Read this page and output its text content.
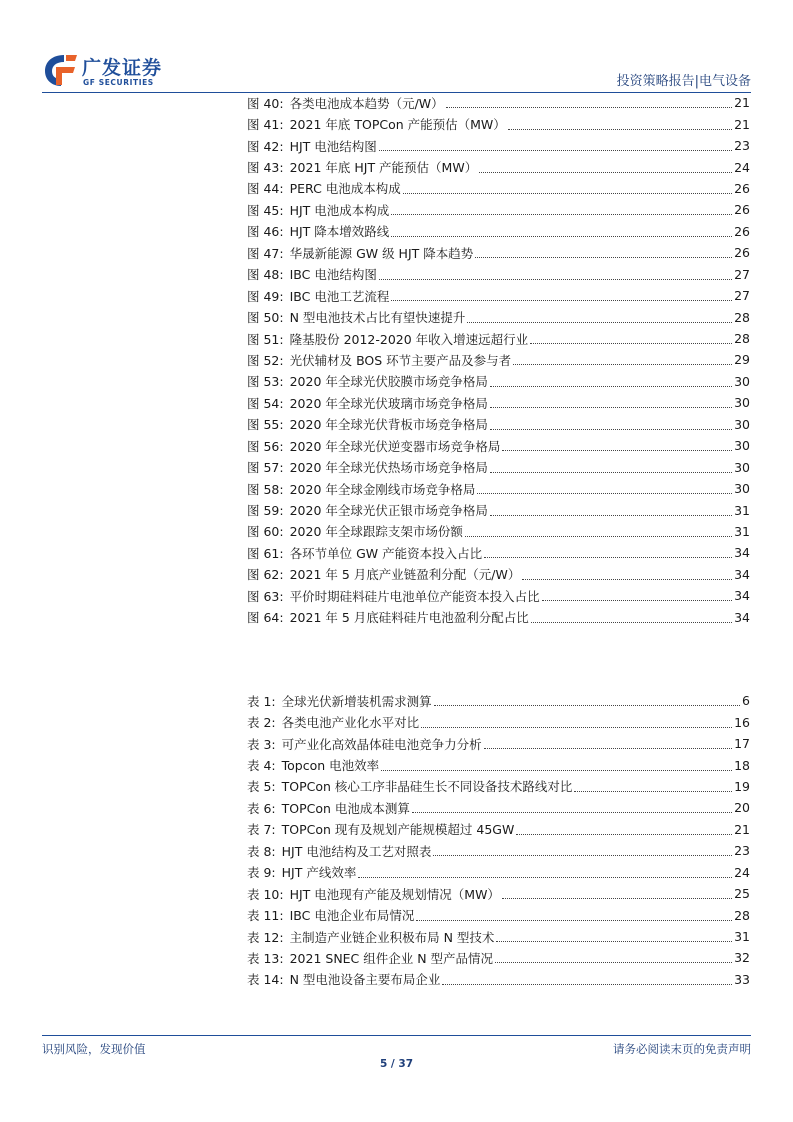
广发证券
GF SECURITIES	投资策略报告|电气设备
图 40: 各类电池成本趋势（元/W）	21
图 41: 2021 年底 TOPCon 产能预估（MW）	21
图 42: HJT 电池结构图	23
图 43: 2021 年底 HJT 产能预估（MW）	24
图 44: PERC 电池成本构成	26
图 45: HJT 电池成本构成	26
图 46: HJT 降本增效路线	26
图 47: 华晟新能源 GW 级 HJT 降本趋势	26
图 48: IBC 电池结构图	27
图 49: IBC 电池工艺流程	27
图 50: N 型电池技术占比有望快速提升	28
图 51: 隆基股份 2012-2020 年收入增速远超行业	28
图 52: 光伏辅材及 BOS 环节主要产品及参与者	29
图 53: 2020 年全球光伏胶膜市场竞争格局	30
图 54: 2020 年全球光伏玻璃市场竞争格局	30
图 55: 2020 年全球光伏背板市场竞争格局	30
图 56: 2020 年全球光伏逆变器市场竞争格局	30
图 57: 2020 年全球光伏热场市场竞争格局	30
图 58: 2020 年全球金刚线市场竞争格局	30
图 59: 2020 年全球光伏正银市场竞争格局	31
图 60: 2020 年全球跟踪支架市场份额	31
图 61: 各环节单位 GW 产能资本投入占比	34
图 62: 2021 年 5 月底产业链盈利分配（元/W）	34
图 63: 平价时期硅料硅片电池单位产能资本投入占比	34
图 64: 2021 年 5 月底硅料硅片电池盈利分配占比	34
表 1: 全球光伏新增装机需求测算	6
表 2: 各类电池产业化水平对比	16
表 3: 可产业化高效晶体硅电池竞争力分析	17
表 4: Topcon 电池效率	18
表 5: TOPCon 核心工序非晶硅生长不同设备技术路线对比	19
表 6: TOPCon 电池成本测算	20
表 7: TOPCon 现有及规划产能规模超过 45GW	21
表 8: HJT 电池结构及工艺对照表	23
表 9: HJT 产线效率	24
表 10: HJT 电池现有产能及规划情况（MW）	25
表 11: IBC 电池企业布局情况	28
表 12: 主制造产业链企业积极布局 N 型技术	31
表 13: 2021 SNEC 组件企业 N 型产品情况	32
表 14: N 型电池设备主要布局企业	33
识别风险，发现价值	请务必阅读末页的免责声明
5 / 37
